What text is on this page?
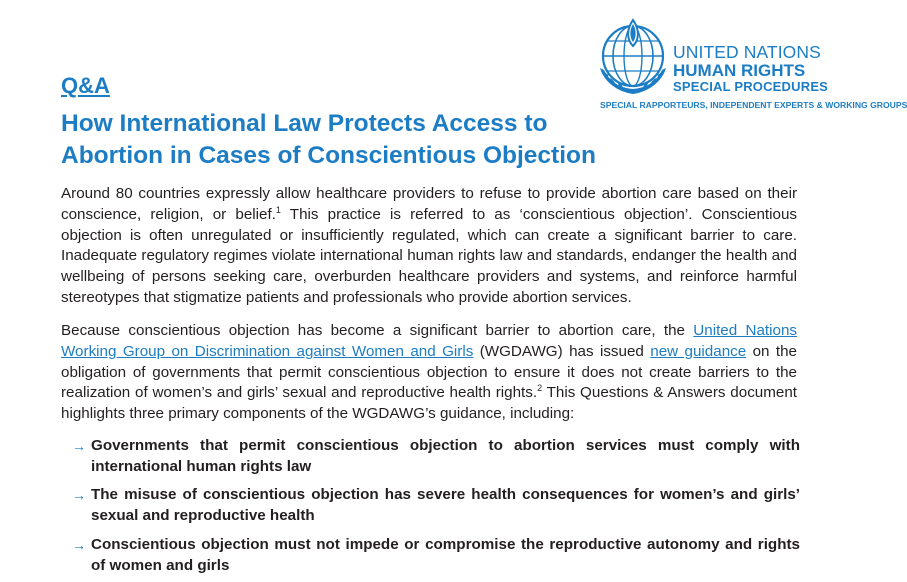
UNITED NATIONS
HUMAN RIGHTS
SPECIAL PROCEDURES
SPECIAL RAPPORTEURS, INDEPENDENT EXPERTS & WORKING GROUPS
Q&A
How International Law Protects Access to Abortion in Cases of Conscientious Objection

Around 80 countries expressly allow healthcare providers to refuse to provide abortion care based on their conscience, religion, or belief.$^1$ This practice is referred to as ‘conscientious objection’. Conscientious objection is often unregulated or insufficiently regulated, which can create a significant barrier to care. Inadequate regulatory regimes violate international human rights law and standards, endanger the health and wellbeing of persons seeking care, overburden healthcare providers and systems, and reinforce harmful stereotypes that stigmatize patients and professionals who provide abortion services.

Because conscientious objection has become a significant barrier to abortion care, the United Nations Working Group on Discrimination against Women and Girls (WGDAWG) has issued new guidance on the obligation of governments that permit conscientious objection to ensure it does not create barriers to the realization of women’s and girls’ sexual and reproductive health rights.$^2$ This Questions & Answers document highlights three primary components of the WGDAWG’s guidance, including:

→ Governments that permit conscientious objection to abortion services must comply with international human rights law
→ The misuse of conscientious objection has severe health consequences for women’s and girls’ sexual and reproductive health
→ Conscientious objection must not impede or compromise the reproductive autonomy and rights of women and girls
